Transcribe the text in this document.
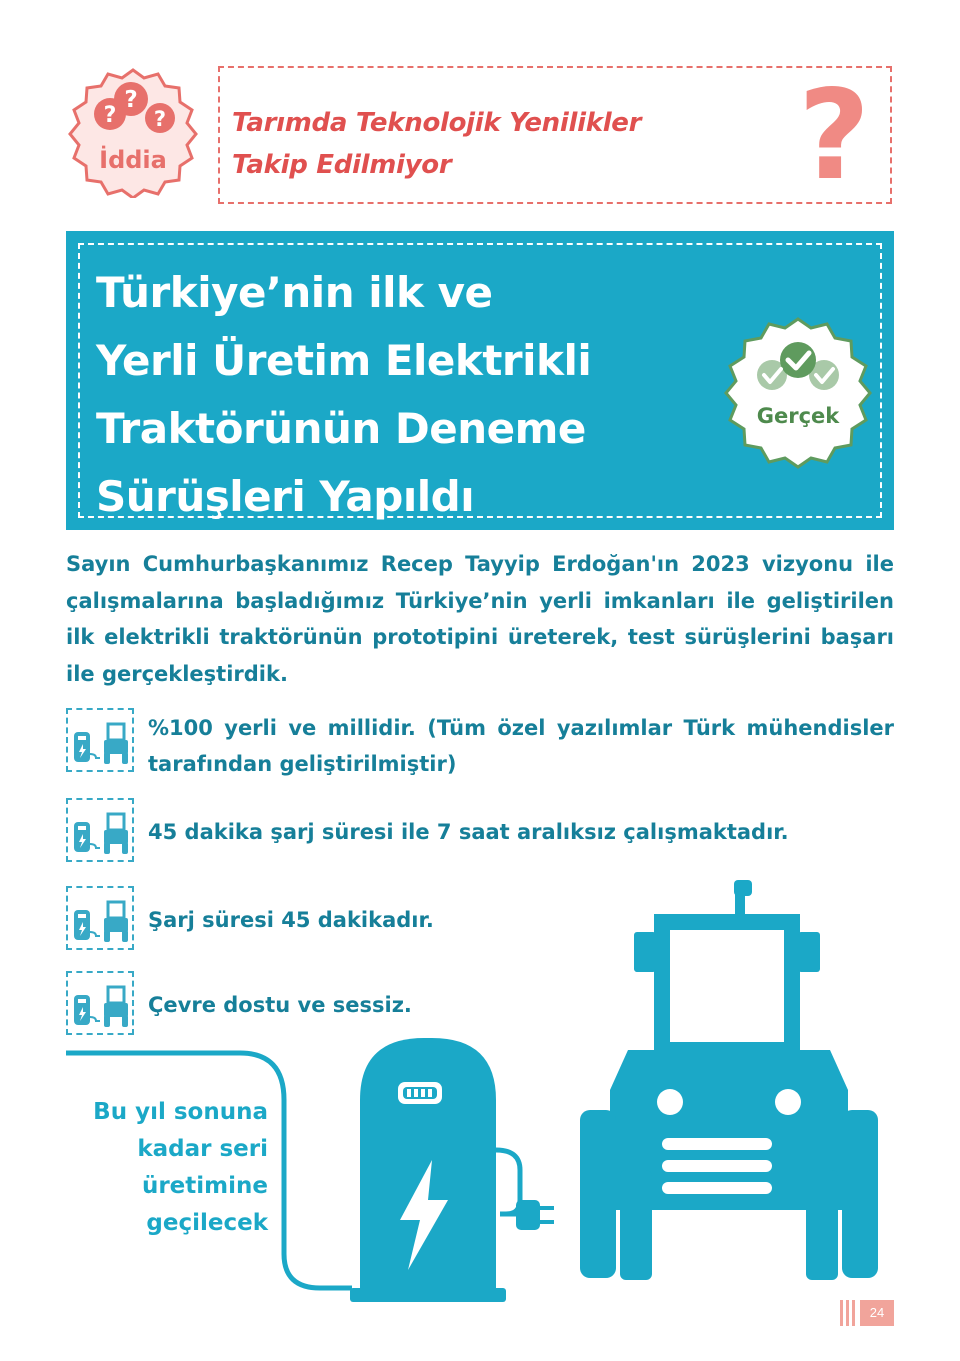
?
?
?
İddia
Tarımda Teknolojik Yenilikler
Takip Edilmiyor	?
Türkiye’nin ilk ve
Yerli Üretim Elektrikli
Traktörünün Deneme
Sürüşleri Yapıldı
Gerçek
Sayın Cumhurbaşkanımız Recep Tayyip Erdoğan'ın 2023 vizyonu ile çalışmalarına başladığımız Türkiye’nin yerli imkanları ile geliştirilen ilk elektrikli traktörünün prototipini üreterek, test sürüşlerini başarı ile gerçekleştirdik.
%100 yerli ve millidir. (Tüm özel yazılımlar Türk mühendisler tarafından geliştirilmiştir)
45 dakika şarj süresi ile 7 saat aralıksız çalışmaktadır.
Şarj süresi 45 dakikadır.
Çevre dostu ve sessiz.
Bu yıl sonuna
kadar seri
üretimine
geçilecek
24
